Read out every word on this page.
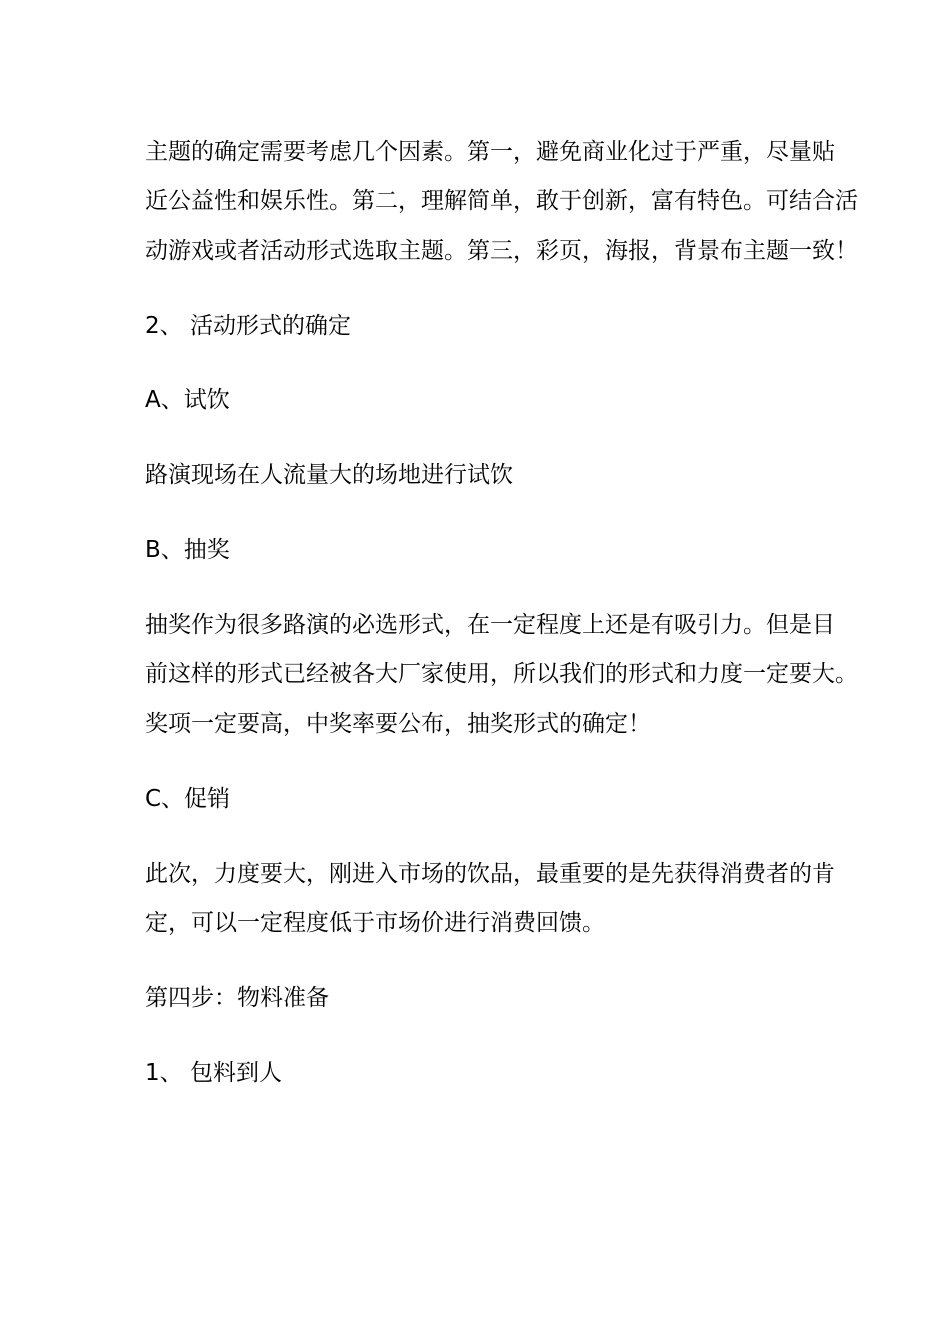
主题的确定需要考虑几个因素。第一，避免商业化过于严重，尽量贴
近公益性和娱乐性。第二，理解简单，敢于创新，富有特色。可结合活
动游戏或者活动形式选取主题。第三，彩页，海报，背景布主题一致！
2、 活动形式的确定
A、试饮
路演现场在人流量大的场地进行试饮
B、抽奖
抽奖作为很多路演的必选形式，在一定程度上还是有吸引力。但是目
前这样的形式已经被各大厂家使用，所以我们的形式和力度一定要大。
奖项一定要高，中奖率要公布，抽奖形式的确定！
C、促销
此次，力度要大，刚进入市场的饮品，最重要的是先获得消费者的肯
定，可以一定程度低于市场价进行消费回馈。
第四步：物料准备
1、 包料到人
